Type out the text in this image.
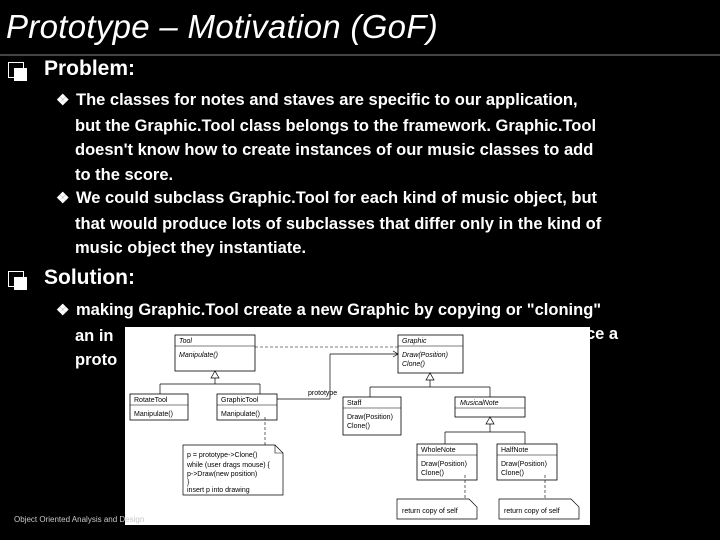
Prototype – Motivation (GoF)
Problem:
❖ The classes for notes and staves are specific to our application,
but the Graphic.Tool class belongs to the framework. Graphic.Tool
doesn't know how to create instances of our music classes to add
to the score.
❖ We could subclass Graphic.Tool for each kind of music object, but
that would produce lots of subclasses that differ only in the kind of
music object they instantiate.
Solution:
❖ making Graphic.Tool create a new Graphic by copying or "cloning"
an in
proto
ce a
Tool
Manipulate()
Graphic
Draw(Position)
Clone()
RotateTool
Manipulate()
GraphicTool
Manipulate()
prototype
Staff
Draw(Position)
Clone()
MusicalNote
WholeNote
Draw(Position)
Clone()
HalfNote
Draw(Position)
Clone()
p = prototype->Clone()
while (user drags mouse) {
p->Draw(new position)
}
insert p into drawing
return copy of self	return copy of self
Object Oriented Analysis and Design
